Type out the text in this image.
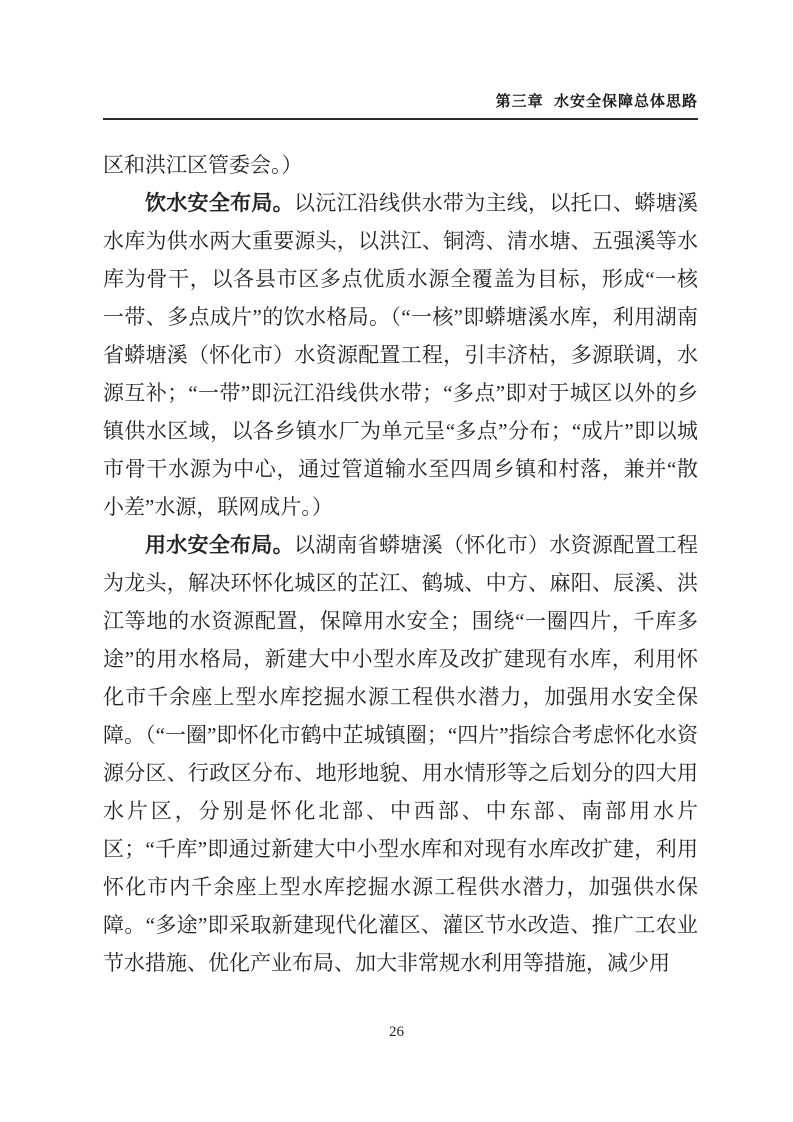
第三章  水安全保障总体思路

区和洪江区管委会。）

饮水安全布局。以沅江沿线供水带为主线，以托口、蟒塘溪水库为供水两大重要源头，以洪江、铜湾、清水塘、五强溪等水库为骨干，以各县市区多点优质水源全覆盖为目标，形成“一核一带、多点成片”的饮水格局。（“一核”即蟒塘溪水库，利用湖南省蟒塘溪（怀化市）水资源配置工程，引丰济枯，多源联调，水源互补；“一带”即沅江沿线供水带；“多点”即对于城区以外的乡镇供水区域，以各乡镇水厂为单元呈“多点”分布；“成片”即以城市骨干水源为中心，通过管道输水至四周乡镇和村落，兼并“散小差”水源，联网成片。）

用水安全布局。以湖南省蟒塘溪（怀化市）水资源配置工程为龙头，解决环怀化城区的芷江、鹤城、中方、麻阳、辰溪、洪江等地的水资源配置，保障用水安全；围绕“一圈四片，千库多途”的用水格局，新建大中小型水库及改扩建现有水库，利用怀化市千余座上型水库挖掘水源工程供水潜力，加强用水安全保障。（“一圈”即怀化市鹤中芷城镇圈；“四片”指综合考虑怀化水资源分区、行政区分布、地形地貌、用水情形等之后划分的四大用水片区，分别是怀化北部、中西部、中东部、南部用水片区；“千库”即通过新建大中小型水库和对现有水库改扩建，利用怀化市内千余座上型水库挖掘水源工程供水潜力，加强供水保障。“多途”即采取新建现代化灌区、灌区节水改造、推广工农业节水措施、优化产业布局、加大非常规水利用等措施，减少用

26
